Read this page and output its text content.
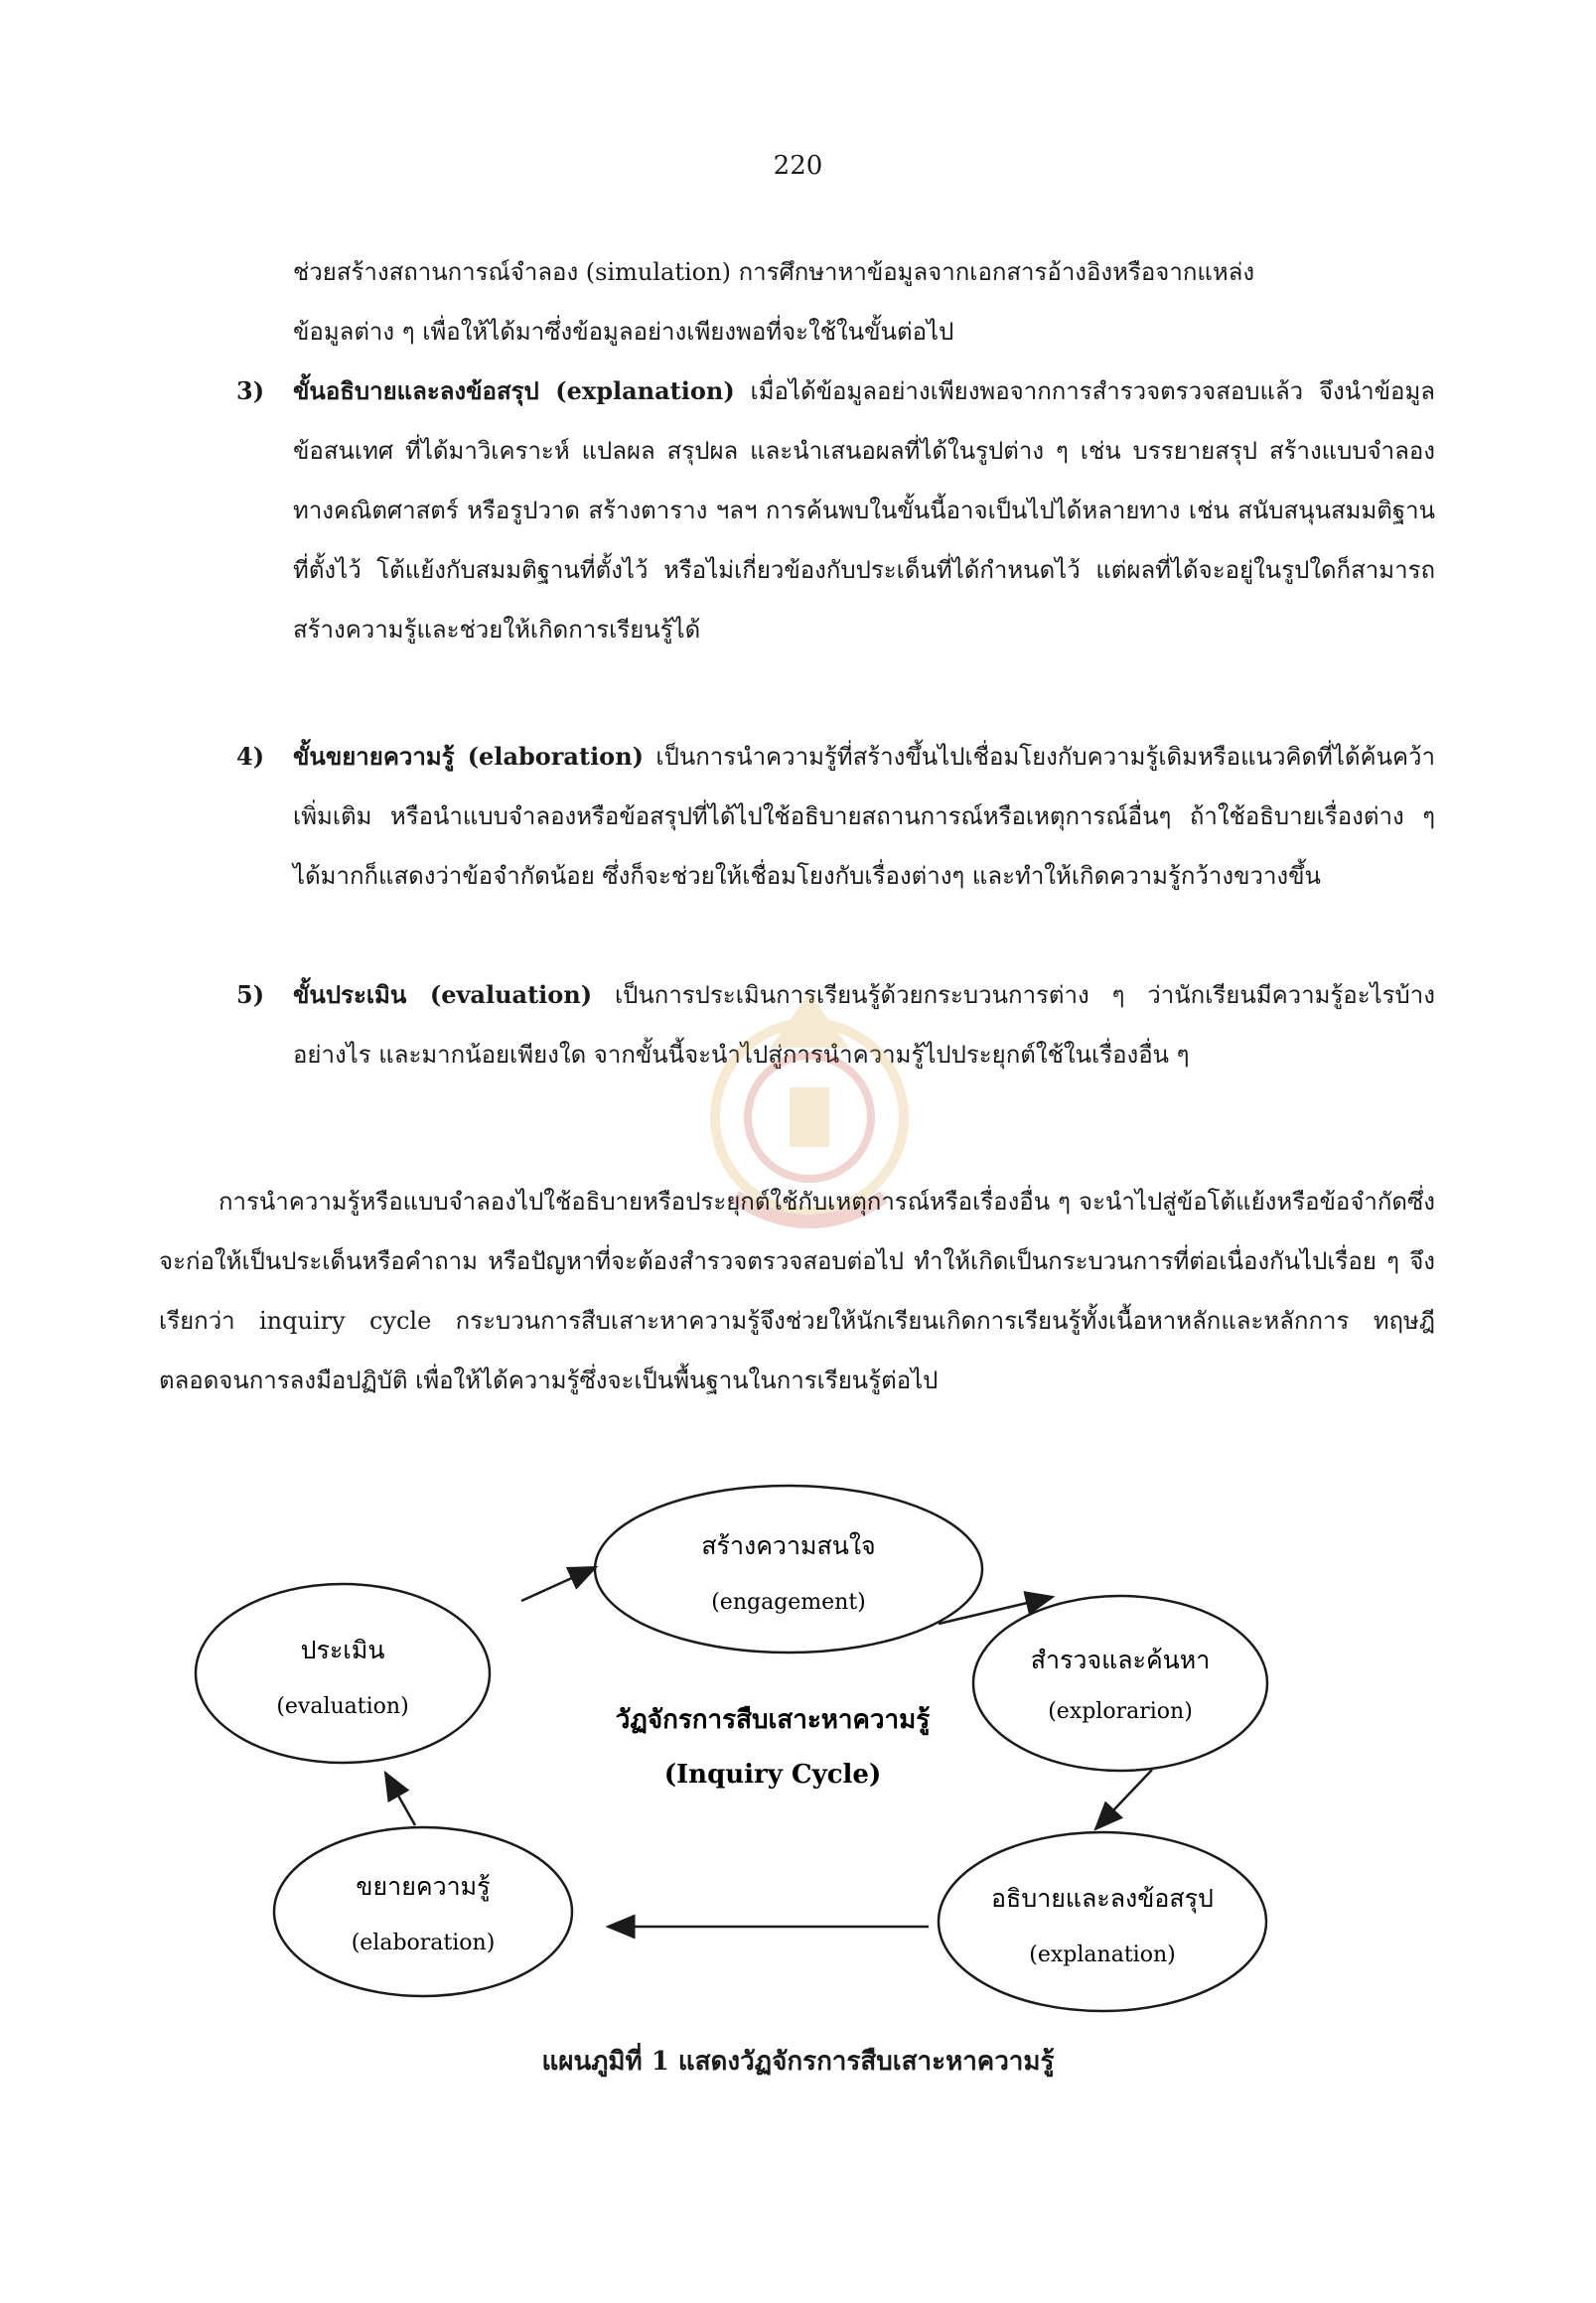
220

ช่วยสร้างสถานการณ์จำลอง (simulation) การศึกษาหาข้อมูลจากเอกสารอ้างอิงหรือจากแหล่ง

ข้อมูลต่าง ๆ เพื่อให้ได้มาซึ่งข้อมูลอย่างเพียงพอที่จะใช้ในขั้นต่อไป

3) ขั้นอธิบายและลงข้อสรุป (explanation) เมื่อได้ข้อมูลอย่างเพียงพอจากการสำรวจตรวจสอบแล้ว จึงนำข้อมูล ข้อสนเทศ ที่ได้มาวิเคราะห์ แปลผล สรุปผล และนำเสนอผลที่ได้ในรูปต่าง ๆ เช่น บรรยายสรุป สร้างแบบจำลองทางคณิตศาสตร์ หรือรูปวาด สร้างตาราง ฯลฯ การค้นพบในขั้นนี้อาจเป็นไปได้หลายทาง เช่น สนับสนุนสมมติฐานที่ตั้งไว้ โต้แย้งกับสมมติฐานที่ตั้งไว้ หรือไม่เกี่ยวข้องกับประเด็นที่ได้กำหนดไว้ แต่ผลที่ได้จะอยู่ในรูปใดก็สามารถสร้างความรู้และช่วยให้เกิดการเรียนรู้ได้

4) ขั้นขยายความรู้ (elaboration) เป็นการนำความรู้ที่สร้างขึ้นไปเชื่อมโยงกับความรู้เดิมหรือแนวคิดที่ได้ค้นคว้าเพิ่มเติม หรือนำแบบจำลองหรือข้อสรุปที่ได้ไปใช้อธิบายสถานการณ์หรือเหตุการณ์อื่นๆ ถ้าใช้อธิบายเรื่องต่าง ๆ ได้มากก็แสดงว่าข้อจำกัดน้อย ซึ่งก็จะช่วยให้เชื่อมโยงกับเรื่องต่างๆ และทำให้เกิดความรู้กว้างขวางขึ้น

5) ขั้นประเมิน (evaluation) เป็นการประเมินการเรียนรู้ด้วยกระบวนการต่าง ๆ ว่านักเรียนมีความรู้อะไรบ้าง อย่างไร และมากน้อยเพียงใด จากขั้นนี้จะนำไปสู่การนำความรู้ไปประยุกต์ใช้ในเรื่องอื่น ๆ

การนำความรู้หรือแบบจำลองไปใช้อธิบายหรือประยุกต์ใช้กับเหตุการณ์หรือเรื่องอื่น ๆ จะนำไปสู่ข้อโต้แย้งหรือข้อจำกัดซึ่งจะก่อให้เป็นประเด็นหรือคำถาม หรือปัญหาที่จะต้องสำรวจตรวจสอบต่อไป ทำให้เกิดเป็นกระบวนการที่ต่อเนื่องกันไปเรื่อย ๆ จึงเรียกว่า inquiry cycle กระบวนการสืบเสาะหาความรู้จึงช่วยให้นักเรียนเกิดการเรียนรู้ทั้งเนื้อหาหลักและหลักการ ทฤษฎี ตลอดจนการลงมือปฏิบัติ เพื่อให้ได้ความรู้ซึ่งจะเป็นพื้นฐานในการเรียนรู้ต่อไป

สร้างความสนใจ
(engagement)
สำรวจและค้นหา
(explorarion)
อธิบายและลงข้อสรุป
(explanation)
ขยายความรู้
(elaboration)
ประเมิน
(evaluation)	วัฏจักรการสืบเสาะหาความรู้
(Inquiry Cycle)
แผนภูมิที่ 1 แสดงวัฏจักรการสืบเสาะหาความรู้
